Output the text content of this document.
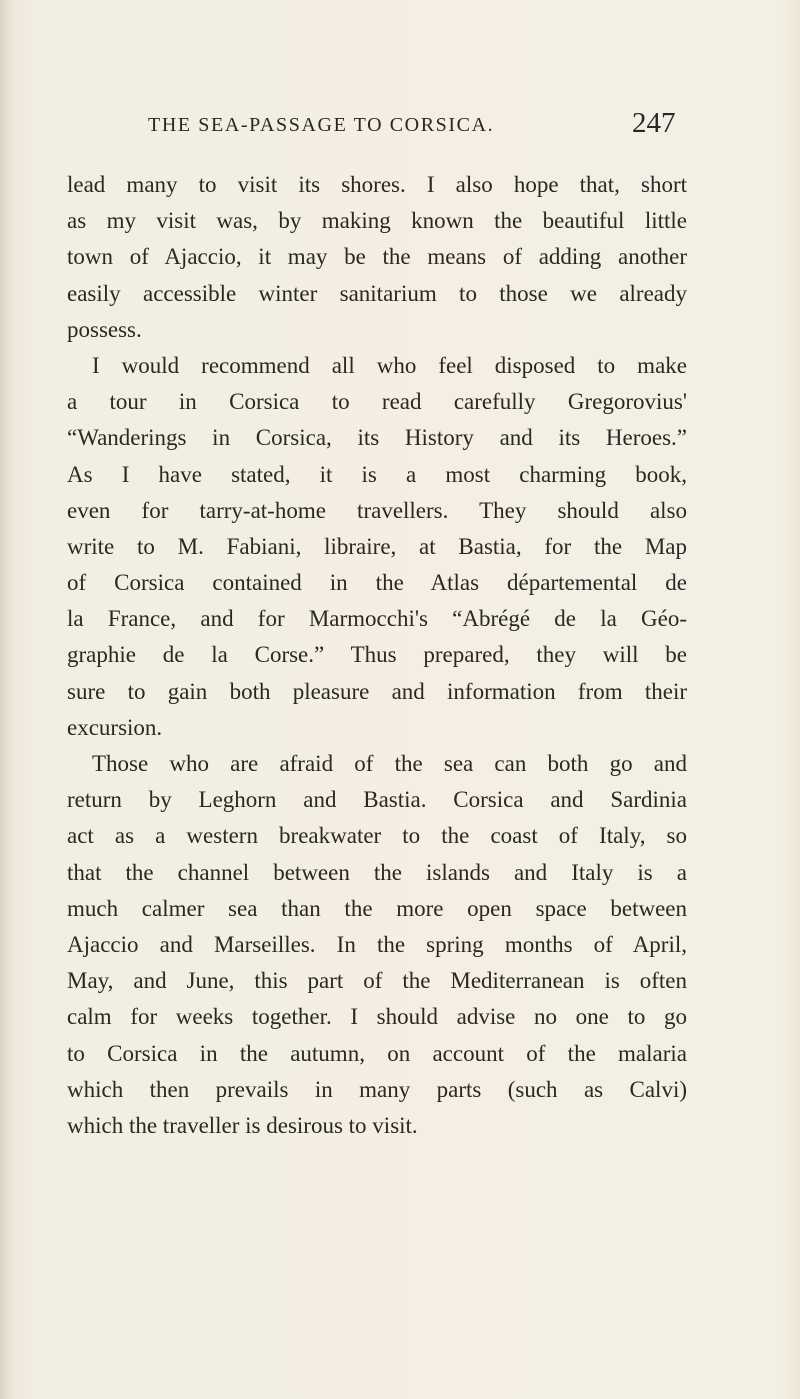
THE SEA-PASSAGE TO CORSICA.	247
lead many to visit its shores. I also hope that, short
as my visit was, by making known the beautiful little
town of Ajaccio, it may be the means of adding another
easily accessible winter sanitarium to those we already
possess.
I would recommend all who feel disposed to make
a tour in Corsica to read carefully Gregorovius'
“Wanderings in Corsica, its History and its Heroes.”
As I have stated, it is a most charming book,
even for tarry-at-home travellers. They should also
write to M. Fabiani, libraire, at Bastia, for the Map
of Corsica contained in the Atlas départemental de
la France, and for Marmocchi's “Abrégé de la Géo-
graphie de la Corse.” Thus prepared, they will be
sure to gain both pleasure and information from their
excursion.
Those who are afraid of the sea can both go and
return by Leghorn and Bastia. Corsica and Sardinia
act as a western breakwater to the coast of Italy, so
that the channel between the islands and Italy is a
much calmer sea than the more open space between
Ajaccio and Marseilles. In the spring months of April,
May, and June, this part of the Mediterranean is often
calm for weeks together. I should advise no one to go
to Corsica in the autumn, on account of the malaria
which then prevails in many parts (such as Calvi)
which the traveller is desirous to visit.
